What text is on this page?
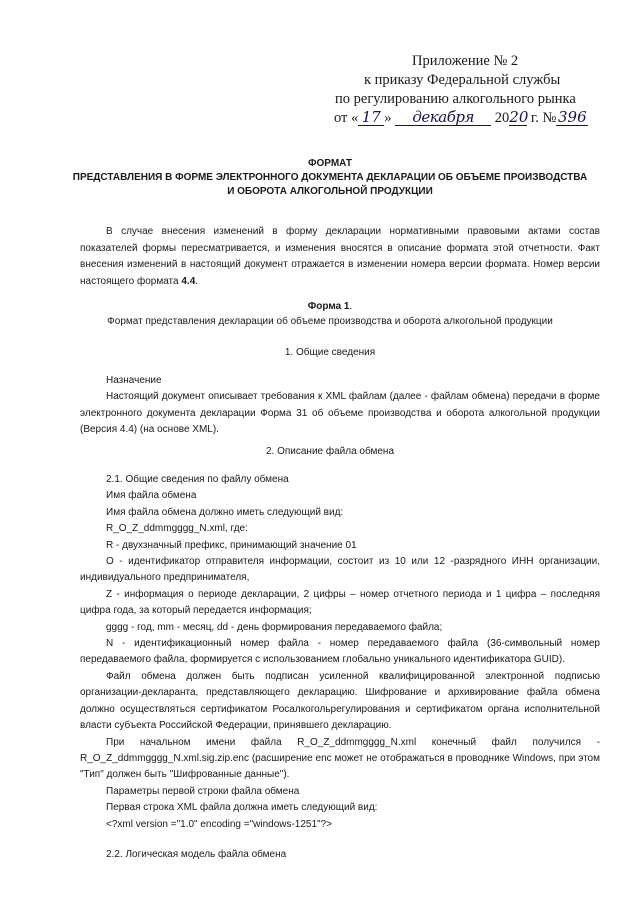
Приложение № 2
к приказу Федеральной службы
по регулированию алкогольного рынка
от « 17 » декабря 2020 г. № 396
ФОРМАТ
ПРЕДСТАВЛЕНИЯ В ФОРМЕ ЭЛЕКТРОННОГО ДОКУМЕНТА ДЕКЛАРАЦИИ ОБ ОБЪЕМЕ ПРОИЗВОДСТВА
И ОБОРОТА АЛКОГОЛЬНОЙ ПРОДУКЦИИ
В случае внесения изменений в форму декларации нормативными правовыми актами состав показателей формы пересматривается, и изменения вносятся в описание формата этой отчетности. Факт внесения изменений в настоящий документ отражается в изменении номера версии формата. Номер версии настоящего формата 4.4.
Форма 1.
Формат представления декларации об объеме производства и оборота алкогольной продукции
1. Общие сведения

Назначение

Настоящий документ описывает требования к XML файлам (далее - файлам обмена) передачи в форме электронного документа декларации Форма 31 об объеме производства и оборота алкогольной продукции (Версия 4.4) (на основе XML).

2. Описание файла обмена

2.1. Общие сведения по файлу обмена

Имя файла обмена

Имя файла обмена должно иметь следующий вид:

R_O_Z_ddmmgggg_N.xml, где:

R - двухзначный префикс, принимающий значение 01

О - идентификатор отправителя информации, состоит из 10 или 12 -разрядного ИНН организации, индивидуального предпринимателя,

Z - информация о периоде декларации, 2 цифры – номер отчетного периода и 1 цифра – последняя цифра года, за который передается информация;

gggg - год, mm - месяц, dd - день формирования передаваемого файла;

N - идентификационный номер файла - номер передаваемого файла (36-символьный номер передаваемого файла, формируется с использованием глобально уникального идентификатора GUID).

Файл обмена должен быть подписан усиленной квалифицированной электронной подписью организации-декларанта, представляющего декларацию. Шифрование и архивирование файла обмена должно осуществляться сертификатом Росалкогольрегулирования и сертификатом органа исполнительной власти субъекта Российской Федерации, принявшего декларацию.

При начальном имени файла R_O_Z_ddmmgggg_N.xml конечный файл получился - R_O_Z_ddmmgggg_N.xml.sig.zip.enc (расширение enc может не отображаться в проводнике Windows, при этом "Тип" должен быть "Шифрованные данные").

Параметры первой строки файла обмена

Первая строка XML файла должна иметь следующий вид:

<?xml version ="1.0" encoding ="windows-1251"?>

2.2. Логическая модель файла обмена
